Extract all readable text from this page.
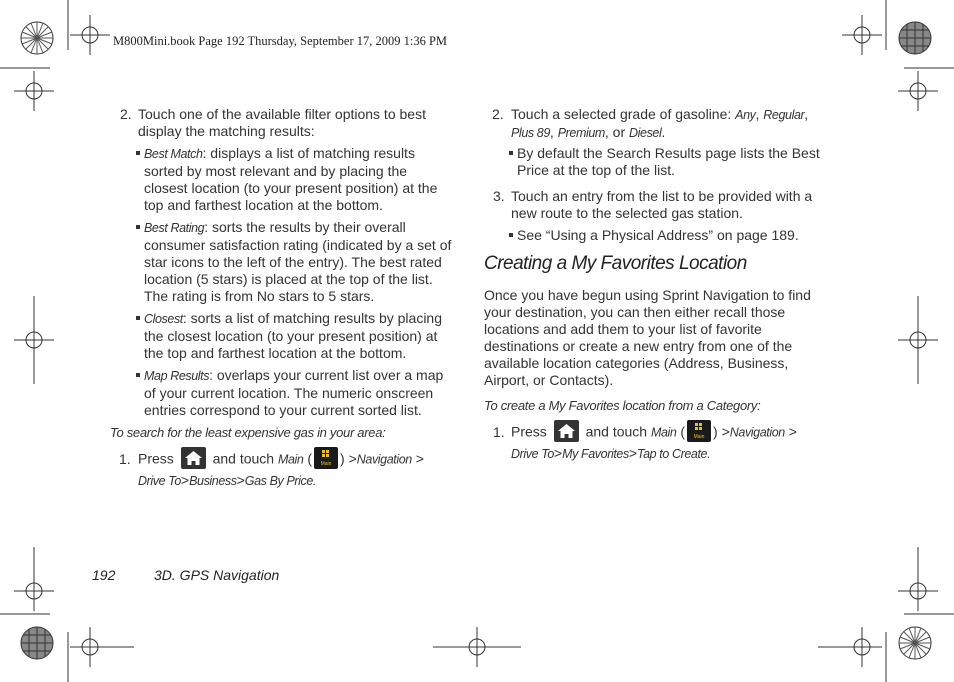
M800Mini.book Page 192 Thursday, September 17, 2009 1:36 PM
2. Touch one of the available filter options to best
display the matching results:
Best Match: displays a list of matching results
sorted by most relevant and by placing the
closest location (to your present position) at the
top and farthest location at the bottom.
Best Rating: sorts the results by their overall
consumer satisfaction rating (indicated by a set of
star icons to the left of the entry). The best rated
location (5 stars) is placed at the top of the list.
The rating is from No stars to 5 stars.
Closest: sorts a list of matching results by placing
the closest location (to your present position) at
the top and farthest location at the bottom.
Map Results: overlaps your current list over a map
of your current location. The numeric onscreen
entries correspond to your current sorted list.
To search for the least expensive gas in your area:
1. Press	and touch Main ( Main ) >Navigation >
Drive To>Business>Gas By Price.
2. Touch a selected grade of gasoline: Any, Regular,
Plus 89, Premium, or Diesel.
By default the Search Results page lists the Best
Price at the top of the list.
3. Touch an entry from the list to be provided with a
new route to the selected gas station.
See “Using a Physical Address” on page 189.
Creating a My Favorites Location
Once you have begun using Sprint Navigation to find
your destination, you can then either recall those
locations and add them to your list of favorite
destinations or create a new entry from one of the
available location categories (Address, Business,
Airport, or Contacts).
To create a My Favorites location from a Category:
1. Press	and touch Main ( Main ) >Navigation >
Drive To>My Favorites>Tap to Create.
192	3D. GPS Navigation
